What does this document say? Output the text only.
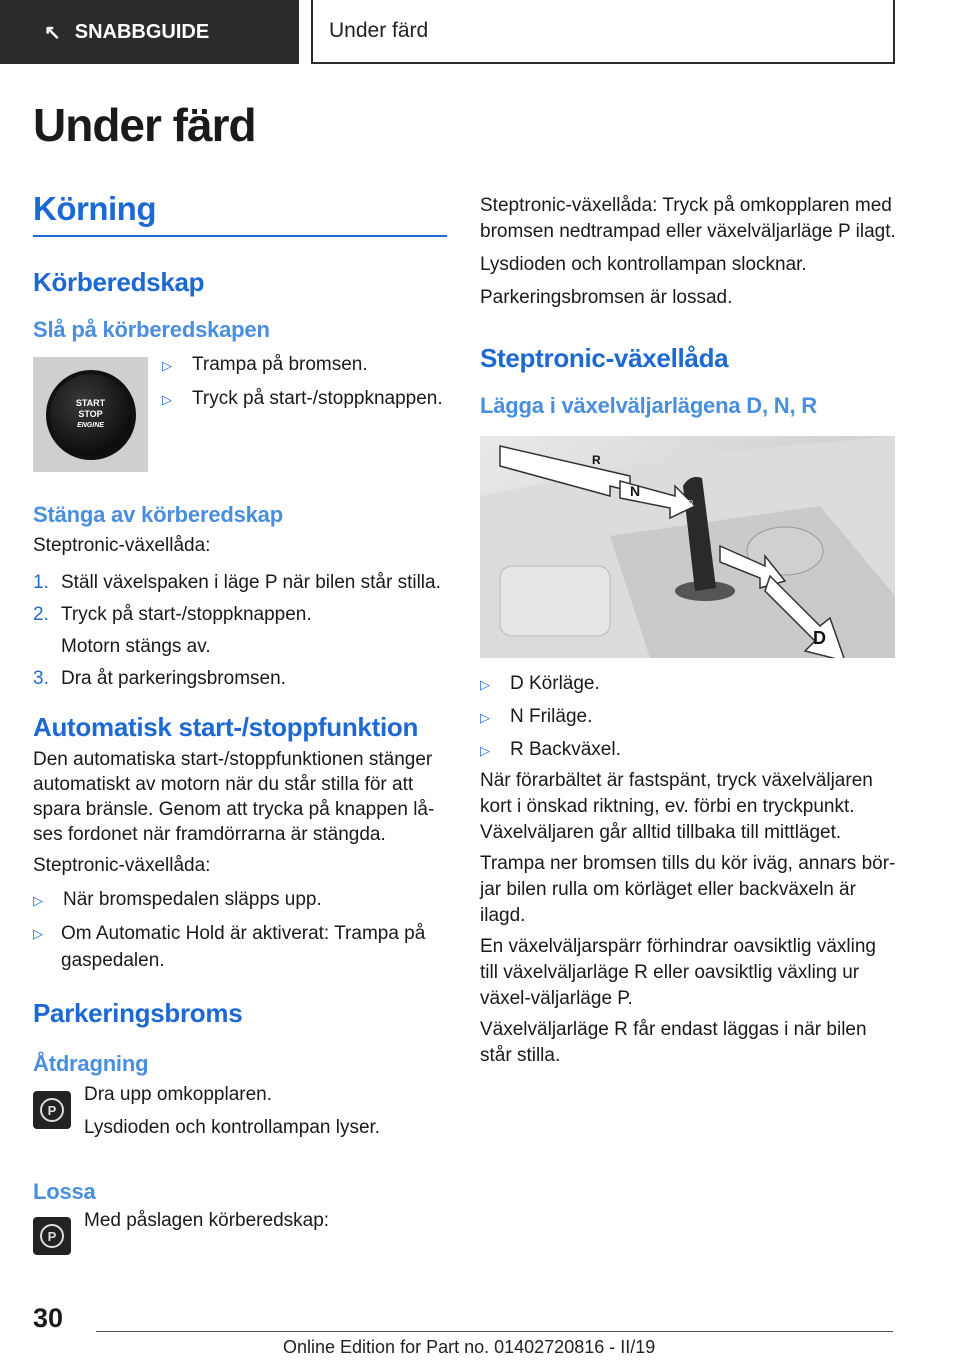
↖ SNABBGUIDE	Under färd
Under färd
Körning
Körberedskap
Slå på körberedskapen
START
STOP
ENGINE
▷ Trampa på bromsen.
▷ Tryck på start-/stoppknappen.
Stänga av körberedskap

Steptronic-växellåda:

1. Ställ växelspaken i läge P när bilen står stilla.
2. Tryck på start-/stoppknappen.
Motorn stängs av.
3. Dra åt parkeringsbromsen.
Automatisk start-/stoppfunktion

Den automatiska start-/stoppfunktionen stänger automatiskt av motorn när du står stilla för att spara bränsle. Genom att trycka på knappen lå-ses fordonet när framdörrarna är stängda.

Steptronic-växellåda:

▷ När bromspedalen släpps upp.
▷ Om Automatic Hold är aktiverat: Trampa på gaspedalen.
Parkeringsbroms
Åtdragning
P

Dra upp omkopplaren.

Lysdioden och kontrollampan lyser.

Lossa
P

Med påslagen körberedskap:

Steptronic-växellåda: Tryck på omkopplaren med bromsen nedtrampad eller växelväljarläge P ilagt.

Lysdioden och kontrollampan slocknar.

Parkeringsbromsen är lossad.

Steptronic-växellåda
Lägga i växelväljarlägena D, N, R
R
N
D
P
▷ D Körläge.
▷ N Friläge.
▷ R Backväxel.

När förarbältet är fastspänt, tryck växelväljaren kort i önskad riktning, ev. förbi en tryckpunkt. Växelväljaren går alltid tillbaka till mittläget.

Trampa ner bromsen tills du kör iväg, annars bör-jar bilen rulla om körläget eller backväxeln är ilagd.

En växelväljarspärr förhindrar oavsiktlig växling till växelväljarläge R eller oavsiktlig växling ur växel-väljarläge P.

Växelväljarläge R får endast läggas i när bilen står stilla.

30
Online Edition for Part no. 01402720816 - II/19
